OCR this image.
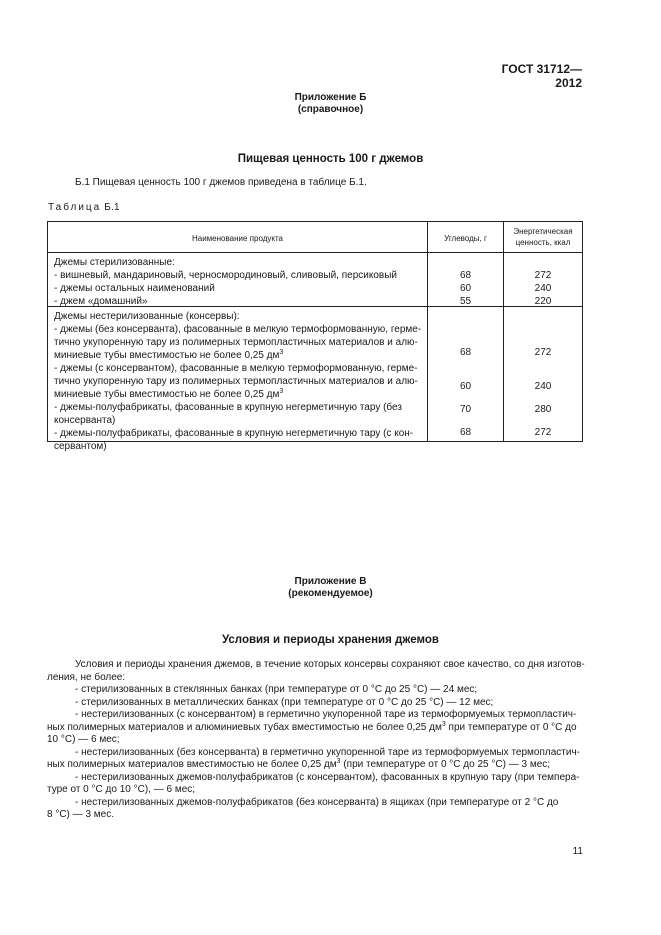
ГОСТ 31712—2012
Приложение Б
(справочное)
Пищевая ценность 100 г джемов
Б.1 Пищевая ценность 100 г джемов приведена в таблице Б.1.
Таблица Б.1
Наименование продукта	Углеводы, г
Энергетическая
ценность, ккал
Джемы стерилизованные:
- вишневый, мандариновый, черносмородиновый, сливовый, персиковый
- джемы остальных наименований
- джем «домашний»
68
60
55
272
240
220
Джемы нестерилизованные (консервы):
- джемы (без консерванта), фасованные в мелкую термоформованную, герме-
тично укупоренную тару из полимерных термопластичных материалов и алю-
миниевые тубы вместимостью не более 0,25 $дм^3$
- джемы (с консервантом), фасованные в мелкую термоформованную, герме-
тично укупоренную тару из полимерных термопластичных материалов и алю-
миниевые тубы вместимостью не более 0,25 $дм^3$
- джемы-полуфабрикаты, фасованные в крупную негерметичную тару (без
консерванта)
- джемы-полуфабрикаты, фасованные в крупную негерметичную тару (с кон-
сервантом)
68
60
70
68
272
240
280
272
Приложение В
(рекомендуемое)
Условия и периоды хранения джемов
Условия и периоды хранения джемов, в течение которых консервы сохраняют свое качество, со дня изготов-
ления, не более:
- стерилизованных в стеклянных банках (при температуре от 0 °С до 25 °С) — 24 мес;
- стерилизованных в металлических банках (при температуре от 0 °С до 25 °С) — 12 мес;
- нестерилизованных (с консервантом) в герметично укупоренной таре из термоформуемых термопластич-
ных полимерных материалов и алюминиевых тубах вместимостью не более 0,25 $дм^3$ при температуре от 0 °С до
10 °С) — 6 мес;
- нестерилизованных (без консерванта) в герметично укупоренной таре из термоформуемых термопластич-
ных полимерных материалов вместимостью не более 0,25 $дм^3$ (при температуре от 0 °С до 25 °С) — 3 мес;
- нестерилизованных джемов-полуфабрикатов (с консервантом), фасованных в крупную тару (при темпера-
туре от 0 °С до 10 °С), — 6 мес;
- нестерилизованных джемов-полуфабрикатов (без консерванта) в ящиках (при температуре от 2 °С до
8 °С) — 3 мес.
11
